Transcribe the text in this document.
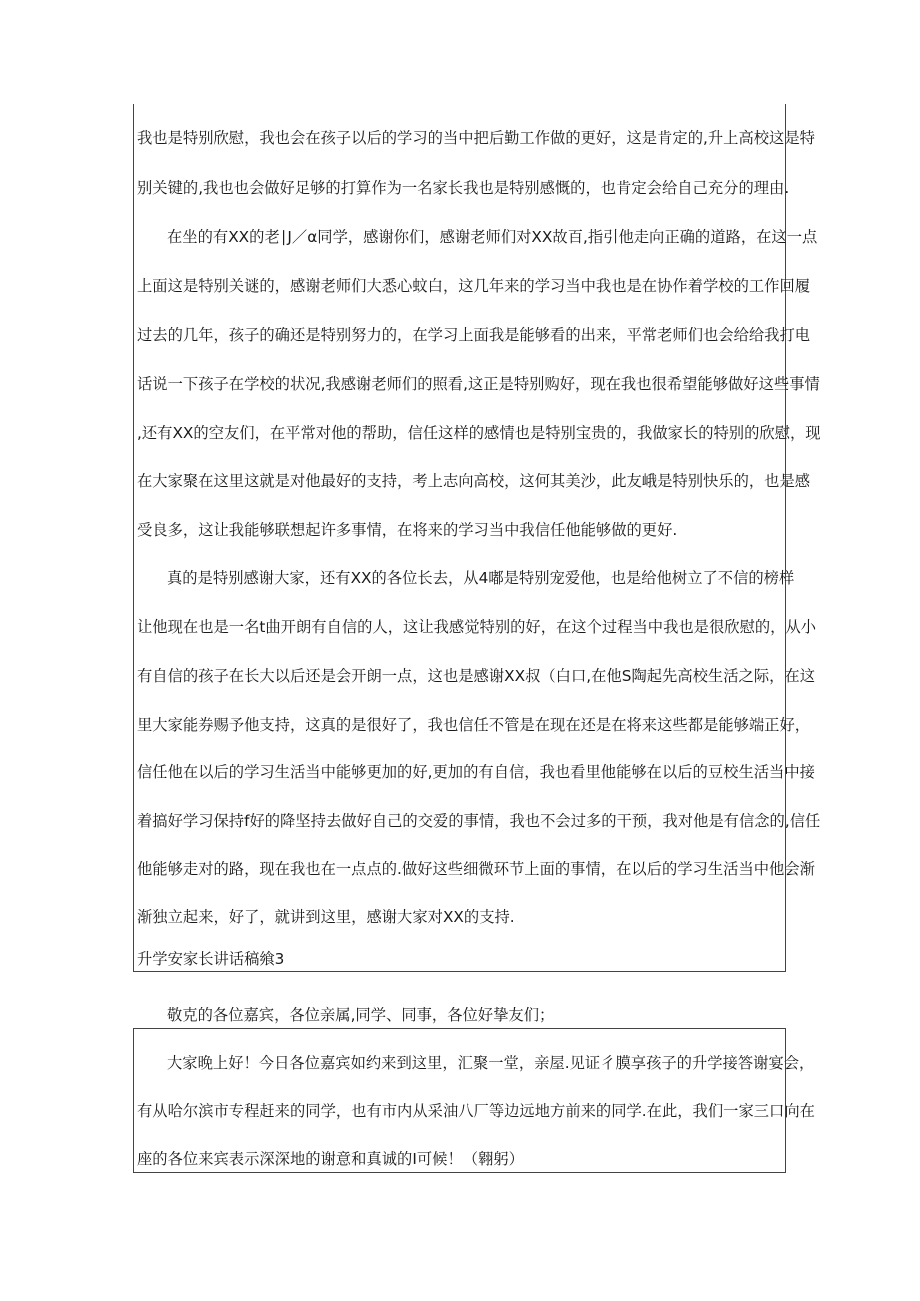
我也是特别欣慰，我也会在孩子以后的学习的当中把后勤工作做的更好，这是肯定的,升上高校这是特
别关键的,我也也会做好足够的打算作为一名家长我也是特别感慨的，也肯定会给自己充分的理由.
在坐的有XX的老∣J／α同学，感谢你们，感谢老师们对XX故百,指引他走向正确的道路，在这一点
上面这是特别关谜的，感谢老师们大悉心蚊白，这几年来的学习当中我也是在协作着学校的工作回履
过去的几年，孩子的确还是特别努力的，在学习上面我是能够看的出来，平常老师们也会给给我打电
话说一下孩子在学校的状况,我感谢老师们的照看,这正是特别购好，现在我也很希望能够做好这些事情
,还有XX的空友们，在平常对他的帮助，信任这样的感情也是特别宝贵的，我做家长的特别的欣慰，现
在大家聚在这里这就是对他最好的支持，考上志向高校，这何其美沙，此友峨是特别快乐的，也是感
受良多，这让我能够联想起许多事情，在将来的学习当中我信任他能够做的更好.
真的是特别感谢大家，还有XX的各位长去，从4嘟是特别宠爱他，也是给他树立了不信的榜样
让他现在也是一名t曲开朗有自信的人，这让我感觉特别的好，在这个过程当中我也是很欣慰的，从小
有自信的孩子在长大以后还是会开朗一点，这也是感谢XX叔（白口,在他S陶起先高校生活之际，在这
里大家能券赐予他支持，这真的是很好了，我也信任不管是在现在还是在将来这些都是能够端正好，
信任他在以后的学习生活当中能够更加的好,更加的有自信，我也看里他能够在以后的豆校生活当中接
着搞好学习保持f好的降坚持去做好自己的交爱的事情，我也不会过多的干预，我对他是有信念的,信任
他能够走对的路，现在我也在一点点的.做好这些细微环节上面的事情，在以后的学习生活当中他会渐
渐独立起来，好了，就讲到这里，感谢大家对XX的支持.
升学安家长讲话稿飨3
敬克的各位嘉宾，各位亲属,同学、同事，各位好挚友们；
大家晚上好！今日各位嘉宾如约来到这里，汇聚一堂，亲屋.见证彳膜享孩子的升学接答谢宴会，
有从哈尔滨市专程赶来的同学，也有市内从采油八厂等边远地方前来的同学.在此，我们一家三口向在
座的各位来宾表示深深地的谢意和真诚的I可候！（翱躬）
